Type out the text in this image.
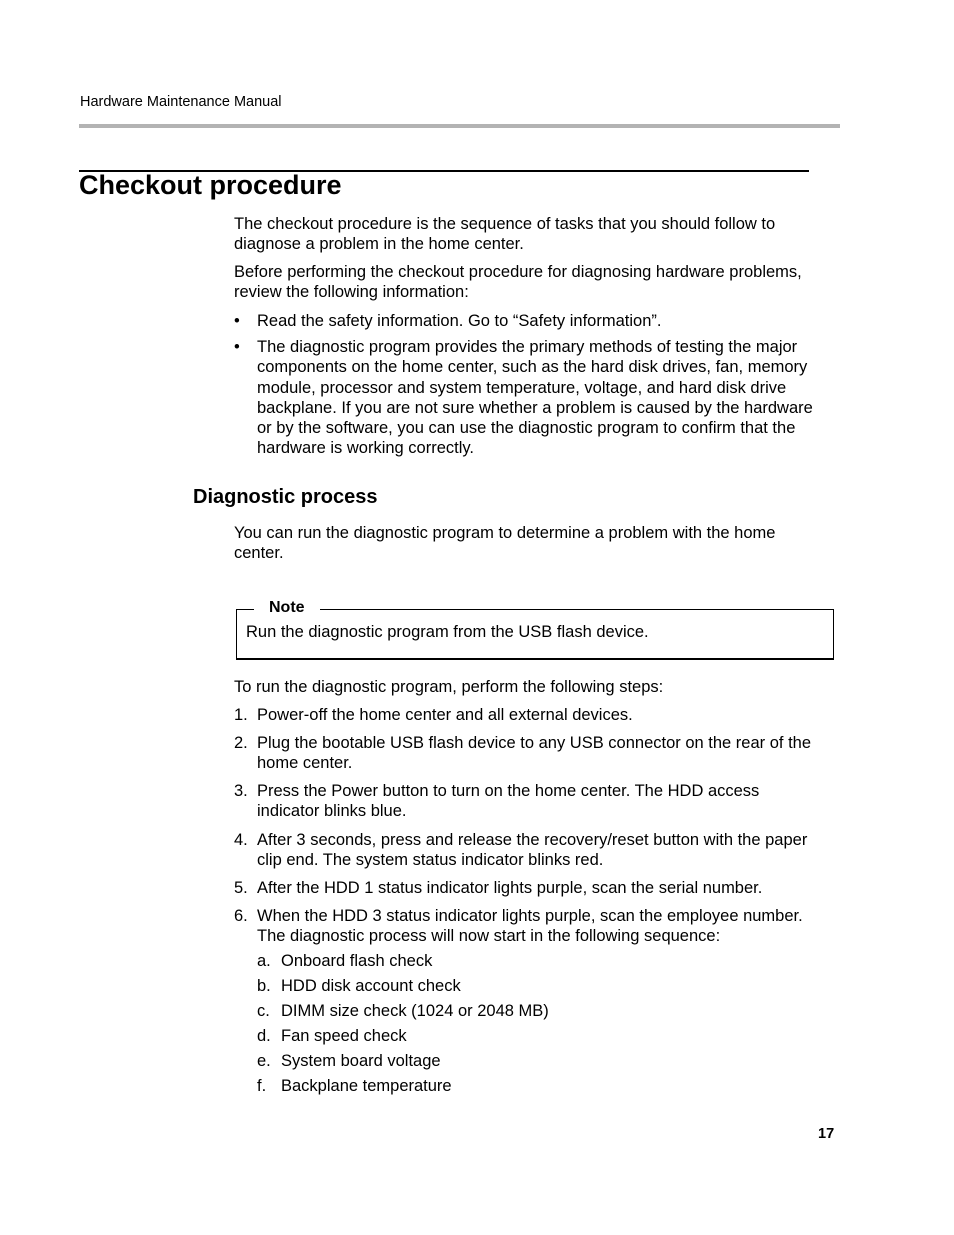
Hardware Maintenance Manual
Checkout procedure

The checkout procedure is the sequence of tasks that you should follow to
diagnose a problem in the home center.

Before performing the checkout procedure for diagnosing hardware problems,
review the following information:

• Read the safety information. Go to “Safety information”.

• The diagnostic program provides the primary methods of testing the major
components on the home center, such as the hard disk drives, fan, memory
module, processor and system temperature, voltage, and hard disk drive
backplane. If you are not sure whether a problem is caused by the hardware
or by the software, you can use the diagnostic program to confirm that the
hardware is working correctly.

Diagnostic process

You can run the diagnostic program to determine a problem with the home
center.

Note

Run the diagnostic program from the USB flash device.

To run the diagnostic program, perform the following steps:

1. Power-off the home center and all external devices.

2. Plug the bootable USB flash device to any USB connector on the rear of the
home center.

3. Press the Power button to turn on the home center. The HDD access
indicator blinks blue.

4. After 3 seconds, press and release the recovery/reset button with the paper
clip end. The system status indicator blinks red.

5. After the HDD 1 status indicator lights purple, scan the serial number.

6. When the HDD 3 status indicator lights purple, scan the employee number.
The diagnostic process will now start in the following sequence:

a. Onboard flash check

b. HDD disk account check

c. DIMM size check (1024 or 2048 MB)

d. Fan speed check

e. System board voltage

f. Backplane temperature

17
